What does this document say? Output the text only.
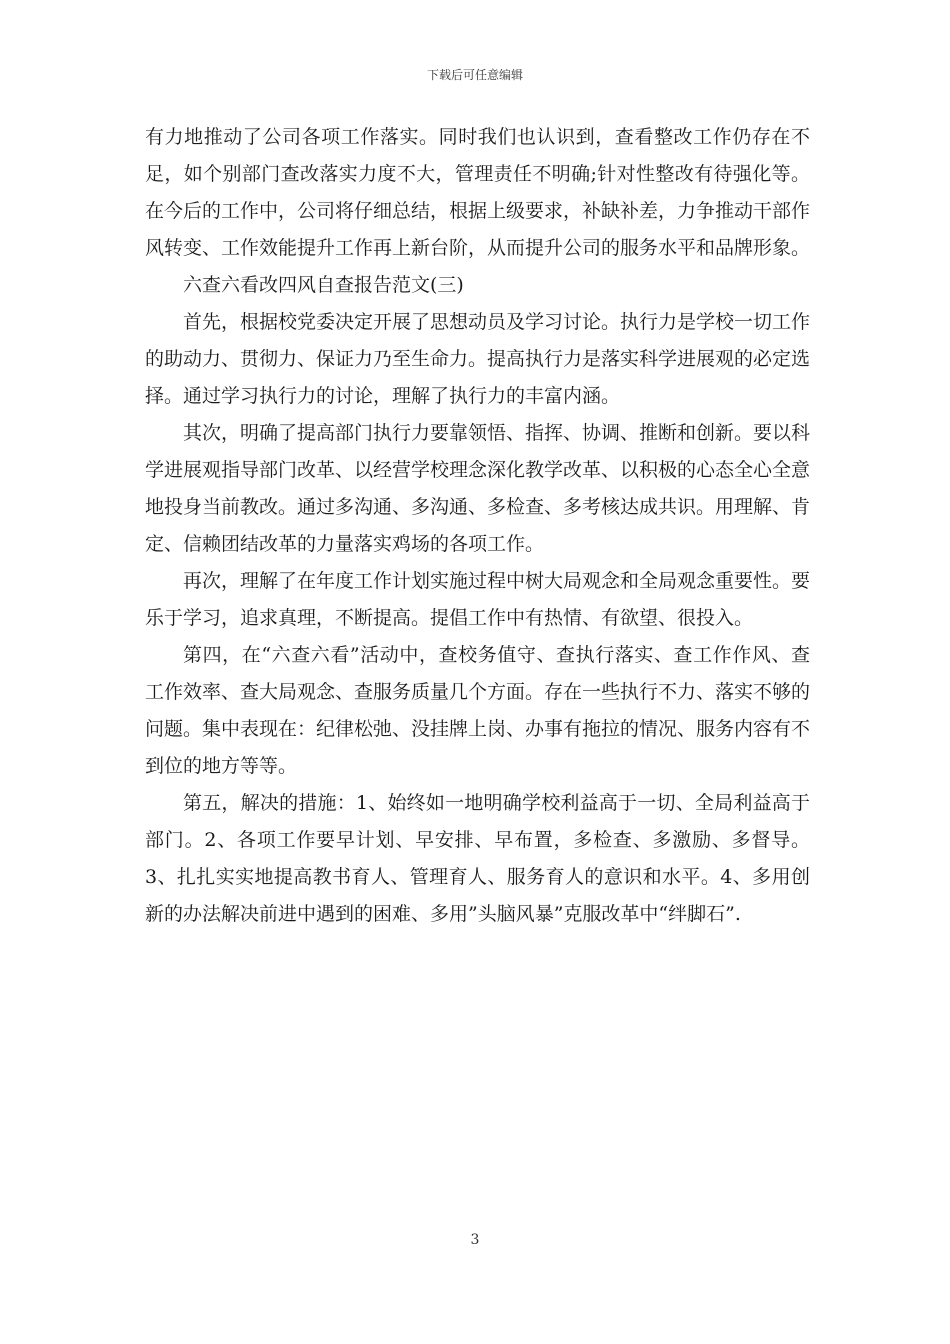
下载后可任意编辑

有力地推动了公司各项工作落实。同时我们也认识到，查看整改工作仍存在不足，如个别部门查改落实力度不大，管理责任不明确;针对性整改有待强化等。在今后的工作中，公司将仔细总结，根据上级要求，补缺补差，力争推动干部作风转变、工作效能提升工作再上新台阶，从而提升公司的服务水平和品牌形象。

六查六看改四风自查报告范文(三)

首先，根据校党委决定开展了思想动员及学习讨论。执行力是学校一切工作的助动力、贯彻力、保证力乃至生命力。提高执行力是落实科学进展观的必定选择。通过学习执行力的讨论，理解了执行力的丰富内涵。

其次，明确了提高部门执行力要靠领悟、指挥、协调、推断和创新。要以科学进展观指导部门改革、以经营学校理念深化教学改革、以积极的心态全心全意地投身当前教改。通过多沟通、多沟通、多检查、多考核达成共识。用理解、肯定、信赖团结改革的力量落实鸡场的各项工作。

再次，理解了在年度工作计划实施过程中树大局观念和全局观念重要性。要乐于学习，追求真理，不断提高。提倡工作中有热情、有欲望、很投入。

第四，在“六查六看”活动中，查校务值守、查执行落实、查工作作风、查工作效率、查大局观念、查服务质量几个方面。存在一些执行不力、落实不够的问题。集中表现在：纪律松弛、没挂牌上岗、办事有拖拉的情况、服务内容有不到位的地方等等。

第五，解决的措施：1、始终如一地明确学校利益高于一切、全局利益高于部门。2、各项工作要早计划、早安排、早布置，多检查、多激励、多督导。3、扎扎实实地提高教书育人、管理育人、服务育人的意识和水平。4、多用创新的办法解决前进中遇到的困难、多用”头脑风暴”克服改革中“绊脚石”.

3
